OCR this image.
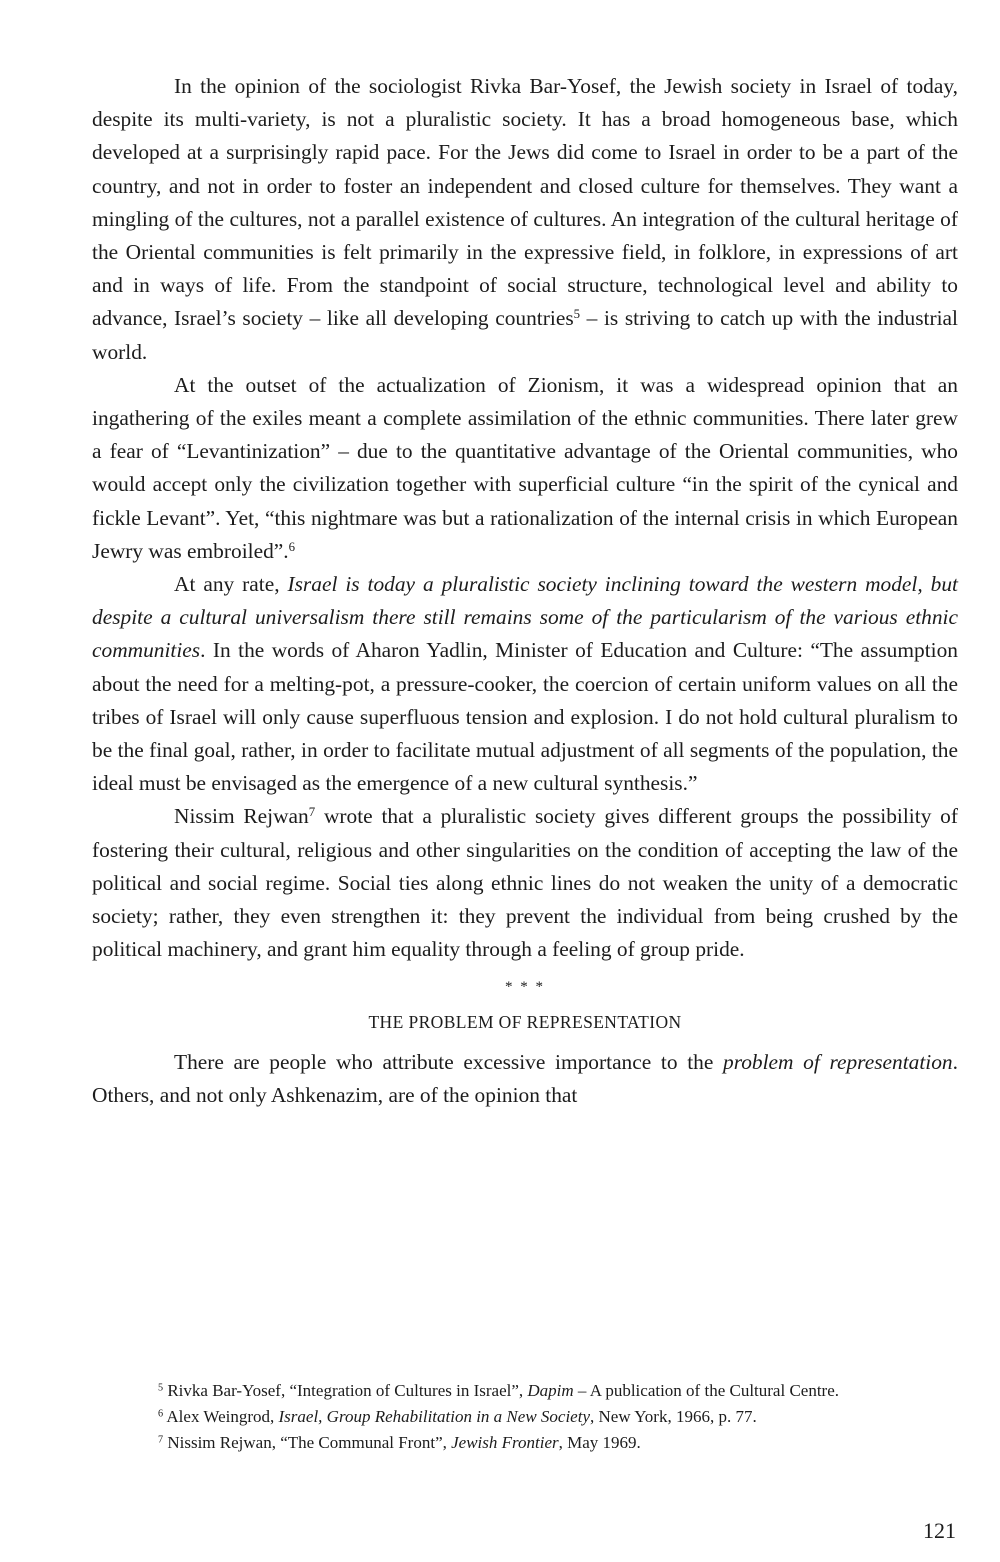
In the opinion of the sociologist Rivka Bar-Yosef, the Jewish society in Israel of today, despite its multi-variety, is not a pluralistic society. It has a broad homogeneous base, which developed at a surprisingly rapid pace. For the Jews did come to Israel in order to be a part of the country, and not in order to foster an independent and closed culture for themselves. They want a mingling of the cultures, not a parallel existence of cultures. An integration of the cultural heritage of the Oriental communities is felt primarily in the expressive field, in folklore, in expressions of art and in ways of life. From the standpoint of social structure, technological level and ability to advance, Israel’s society – like all developing countries$^5$ – is striving to catch up with the industrial world.

At the outset of the actualization of Zionism, it was a widespread opinion that an ingathering of the exiles meant a complete assimilation of the ethnic communities. There later grew a fear of “Levantinization” – due to the quantitative advantage of the Oriental communities, who would accept only the civilization together with superficial culture “in the spirit of the cynical and fickle Levant”. Yet, “this nightmare was but a rationalization of the internal crisis in which European Jewry was embroiled”.$^6$

At any rate, Israel is today a pluralistic society inclining toward the western model, but despite a cultural universalism there still remains some of the particularism of the various ethnic communities. In the words of Aharon Yadlin, Minister of Education and Culture: “The assumption about the need for a melting-pot, a pressure-cooker, the coercion of certain uniform values on all the tribes of Israel will only cause superfluous tension and explosion. I do not hold cultural pluralism to be the final goal, rather, in order to facilitate mutual adjustment of all segments of the population, the ideal must be envisaged as the emergence of a new cultural synthesis.”

Nissim Rejwan$^7$ wrote that a pluralistic society gives different groups the possibility of fostering their cultural, religious and other singularities on the condition of accepting the law of the political and social regime. Social ties along ethnic lines do not weaken the unity of a democratic society; rather, they even strengthen it: they prevent the individual from being crushed by the political machinery, and grant him equality through a feeling of group pride.

* * *
THE PROBLEM OF REPRESENTATION

There are people who attribute excessive importance to the problem of representation. Others, and not only Ashkenazim, are of the opinion that

$^5$ Rivka Bar-Yosef, “Integration of Cultures in Israel”, Dapim – A publication of the Cultural Centre.

$^6$ Alex Weingrod, Israel, Group Rehabilitation in a New Society, New York, 1966, p. 77.

$^7$ Nissim Rejwan, “The Communal Front”, Jewish Frontier, May 1969.

121
